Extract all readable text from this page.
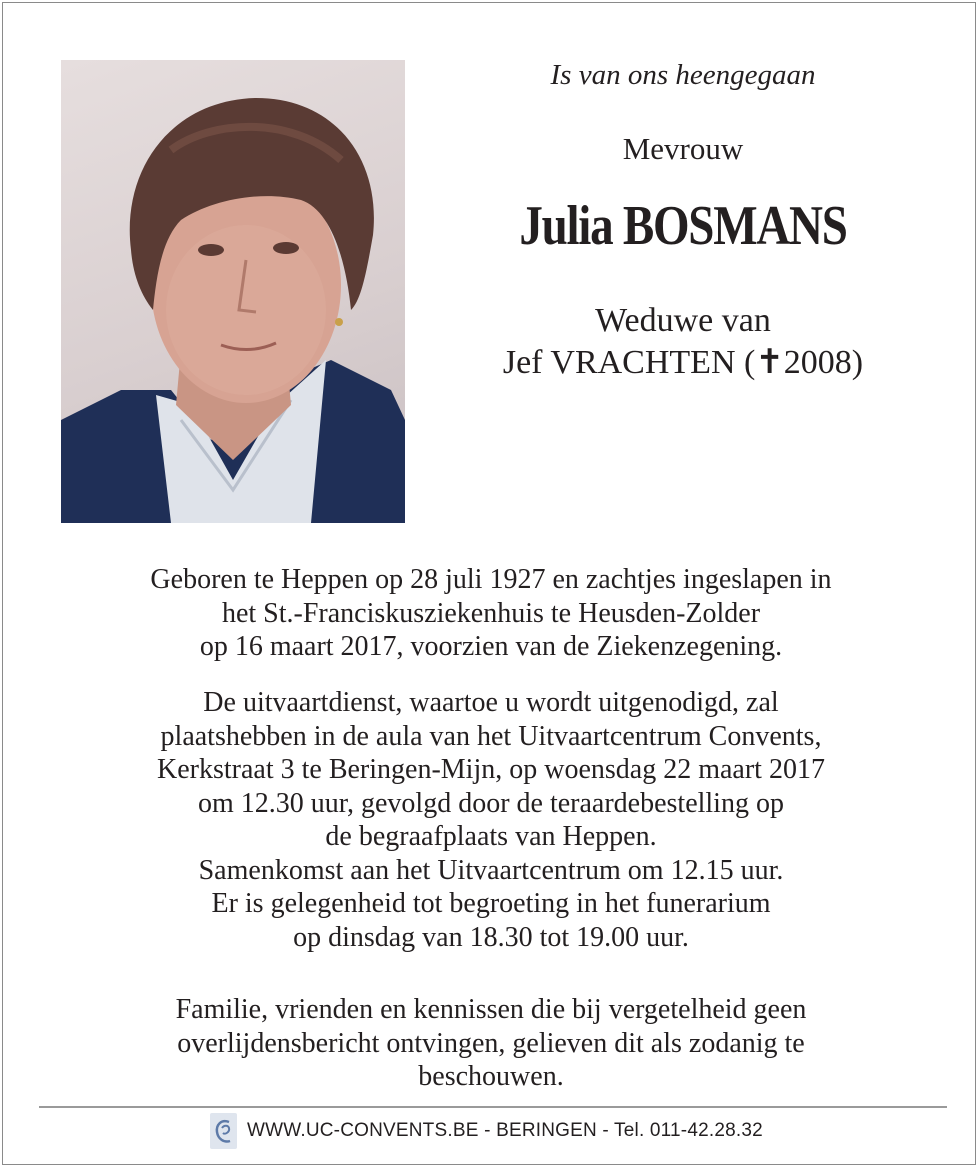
Is van ons heengegaan
Mevrouw
Julia BOSMANS
Weduwe van
Jef VRACHTEN (✝2008)
Geboren te Heppen op 28 juli 1927 en zachtjes ingeslapen in
het St.-Franciskusziekenhuis te Heusden-Zolder
op 16 maart 2017, voorzien van de Ziekenzegening.
De uitvaartdienst, waartoe u wordt uitgenodigd, zal
plaatshebben in de aula van het Uitvaartcentrum Convents,
Kerkstraat 3 te Beringen-Mijn, op woensdag 22 maart 2017
om 12.30 uur, gevolgd door de teraardebestelling op
de begraafplaats van Heppen.
Samenkomst aan het Uitvaartcentrum om 12.15 uur.
Er is gelegenheid tot begroeting in het funerarium
op dinsdag van 18.30 tot 19.00 uur.
Familie, vrienden en kennissen die bij vergetelheid geen
overlijdensbericht ontvingen, gelieven dit als zodanig te
beschouwen.
WWW.UC-CONVENTS.BE - BERINGEN - Tel. 011-42.28.32
